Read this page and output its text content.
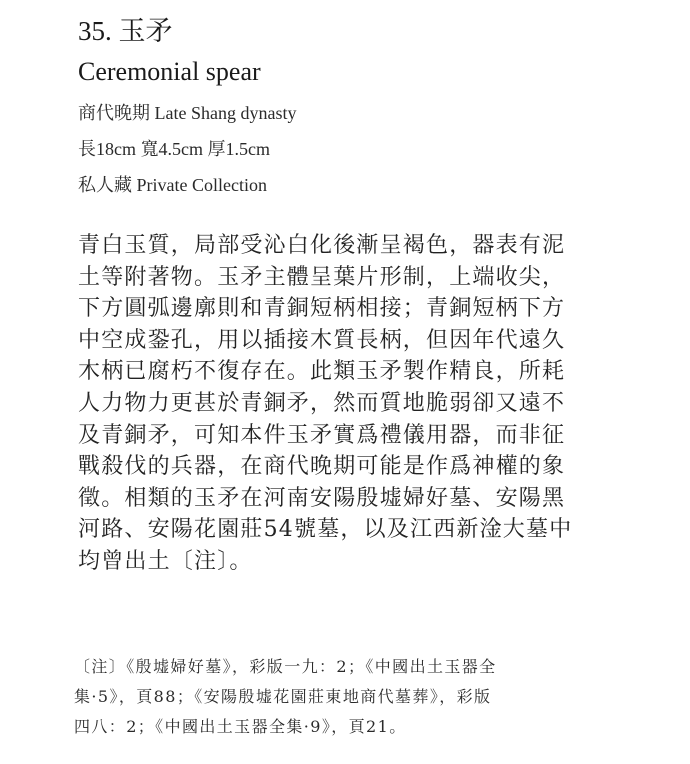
35. 玉矛
Ceremonial spear
商代晚期 Late Shang dynasty
長18cm 寬4.5cm 厚1.5cm
私人藏 Private Collection
青白玉質，局部受沁白化後漸呈褐色，器表有泥
土等附著物。玉矛主體呈葉片形制，上端收尖，
下方圓弧邊廓則和青銅短柄相接；青銅短柄下方
中空成銎孔，用以插接木質長柄，但因年代遠久
木柄已腐朽不復存在。此類玉矛製作精良，所耗
人力物力更甚於青銅矛，然而質地脆弱卻又遠不
及青銅矛，可知本件玉矛實爲禮儀用器，而非征
戰殺伐的兵器，在商代晚期可能是作爲神權的象
徵。相類的玉矛在河南安陽殷墟婦好墓、安陽黑
河路、安陽花園莊54號墓，以及江西新淦大墓中
均曾出土〔注〕。
〔注〕《殷墟婦好墓》，彩版一九：2；《中國出土玉器全
集·5》，頁88；《安陽殷墟花園莊東地商代墓葬》，彩版
四八：2；《中國出土玉器全集·9》，頁21。
